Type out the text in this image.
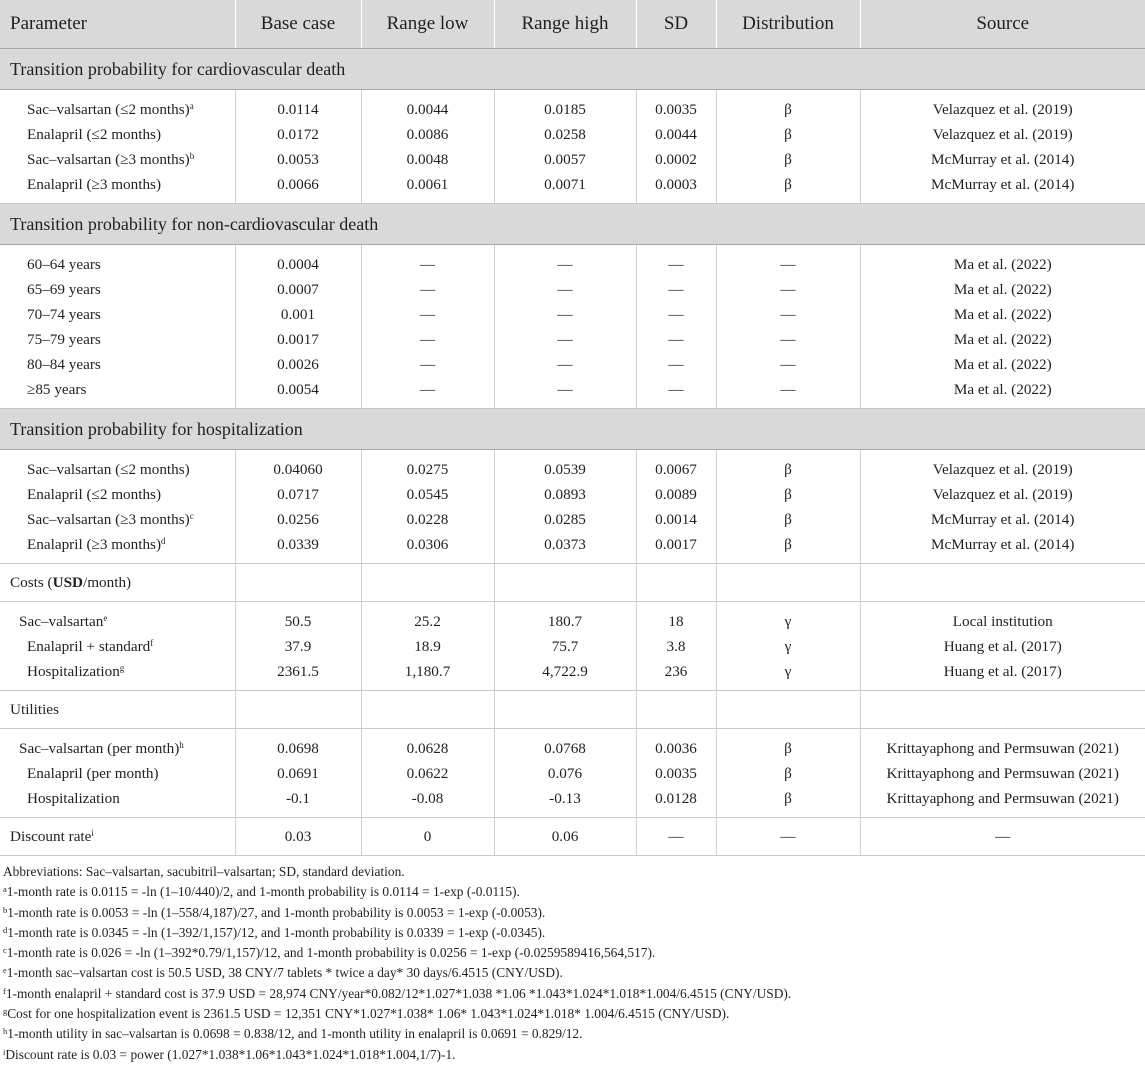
Parameter	Base case	Range low	Range high	SD	Distribution	Source
Transition probability for cardiovascular death						
Sac–valsartan (≤2 months)$^a$	0.0114	0.0044	0.0185	0.0035	β	Velazquez et al. (2019)
Enalapril (≤2 months)	0.0172	0.0086	0.0258	0.0044	β	Velazquez et al. (2019)
Sac–valsartan (≥3 months)$^b$	0.0053	0.0048	0.0057	0.0002	β	McMurray et al. (2014)
Enalapril (≥3 months)	0.0066	0.0061	0.0071	0.0003	β	McMurray et al. (2014)
Transition probability for non-cardiovascular death						
60–64 years	0.0004	—	—	—	—	Ma et al. (2022)
65–69 years	0.0007	—	—	—	—	Ma et al. (2022)
70–74 years	0.001	—	—	—	—	Ma et al. (2022)
75–79 years	0.0017	—	—	—	—	Ma et al. (2022)
80–84 years	0.0026	—	—	—	—	Ma et al. (2022)
≥85 years	0.0054	—	—	—	—	Ma et al. (2022)
Transition probability for hospitalization						
Sac–valsartan (≤2 months)	0.04060	0.0275	0.0539	0.0067	β	Velazquez et al. (2019)
Enalapril (≤2 months)	0.0717	0.0545	0.0893	0.0089	β	Velazquez et al. (2019)
Sac–valsartan (≥3 months)$^c$	0.0256	0.0228	0.0285	0.0014	β	McMurray et al. (2014)
Enalapril (≥3 months)$^d$	0.0339	0.0306	0.0373	0.0017	β	McMurray et al. (2014)
Costs (USD/month)						
Sac–valsartan$^e$	50.5	25.2	180.7	18	γ	Local institution
Enalapril + standard$^f$	37.9	18.9	75.7	3.8	γ	Huang et al. (2017)
Hospitalization$^g$	2361.5	1,180.7	4,722.9	236	γ	Huang et al. (2017)
Utilities						
Sac–valsartan (per month)$^h$	0.0698	0.0628	0.0768	0.0036	β	Krittayaphong and Permsuwan (2021)
Enalapril (per month)	0.0691	0.0622	0.076	0.0035	β	Krittayaphong and Permsuwan (2021)
Hospitalization	-0.1	-0.08	-0.13	0.0128	β	Krittayaphong and Permsuwan (2021)
Discount rate$^i$	0.03	0	0.06	—	—	—
Abbreviations: Sac–valsartan, sacubitril–valsartan; SD, standard deviation.
$^a$1-month rate is 0.0115 = -ln (1–10/440)/2, and 1-month probability is 0.0114 = 1-exp (-0.0115).
$^b$1-month rate is 0.0053 = -ln (1–558/4,187)/27, and 1-month probability is 0.0053 = 1-exp (-0.0053).
$^d$1-month rate is 0.0345 = -ln (1–392/1,157)/12, and 1-month probability is 0.0339 = 1-exp (-0.0345).
$^c$1-month rate is 0.026 = -ln (1–392*0.79/1,157)/12, and 1-month probability is 0.0256 = 1-exp (-0.0259589416,564,517).
$^e$1-month sac–valsartan cost is 50.5 USD, 38 CNY/7 tablets * twice a day* 30 days/6.4515 (CNY/USD).
$^f$1-month enalapril + standard cost is 37.9 USD = 28,974 CNY/year*0.082/12*1.027*1.038 *1.06 *1.043*1.024*1.018*1.004/6.4515 (CNY/USD).
$^g$Cost for one hospitalization event is 2361.5 USD = 12,351 CNY*1.027*1.038* 1.06* 1.043*1.024*1.018* 1.004/6.4515 (CNY/USD).
$^h$1-month utility in sac–valsartan is 0.0698 = 0.838/12, and 1-month utility in enalapril is 0.0691 = 0.829/12.
$^i$Discount rate is 0.03 = power (1.027*1.038*1.06*1.043*1.024*1.018*1.004,1/7)-1.
